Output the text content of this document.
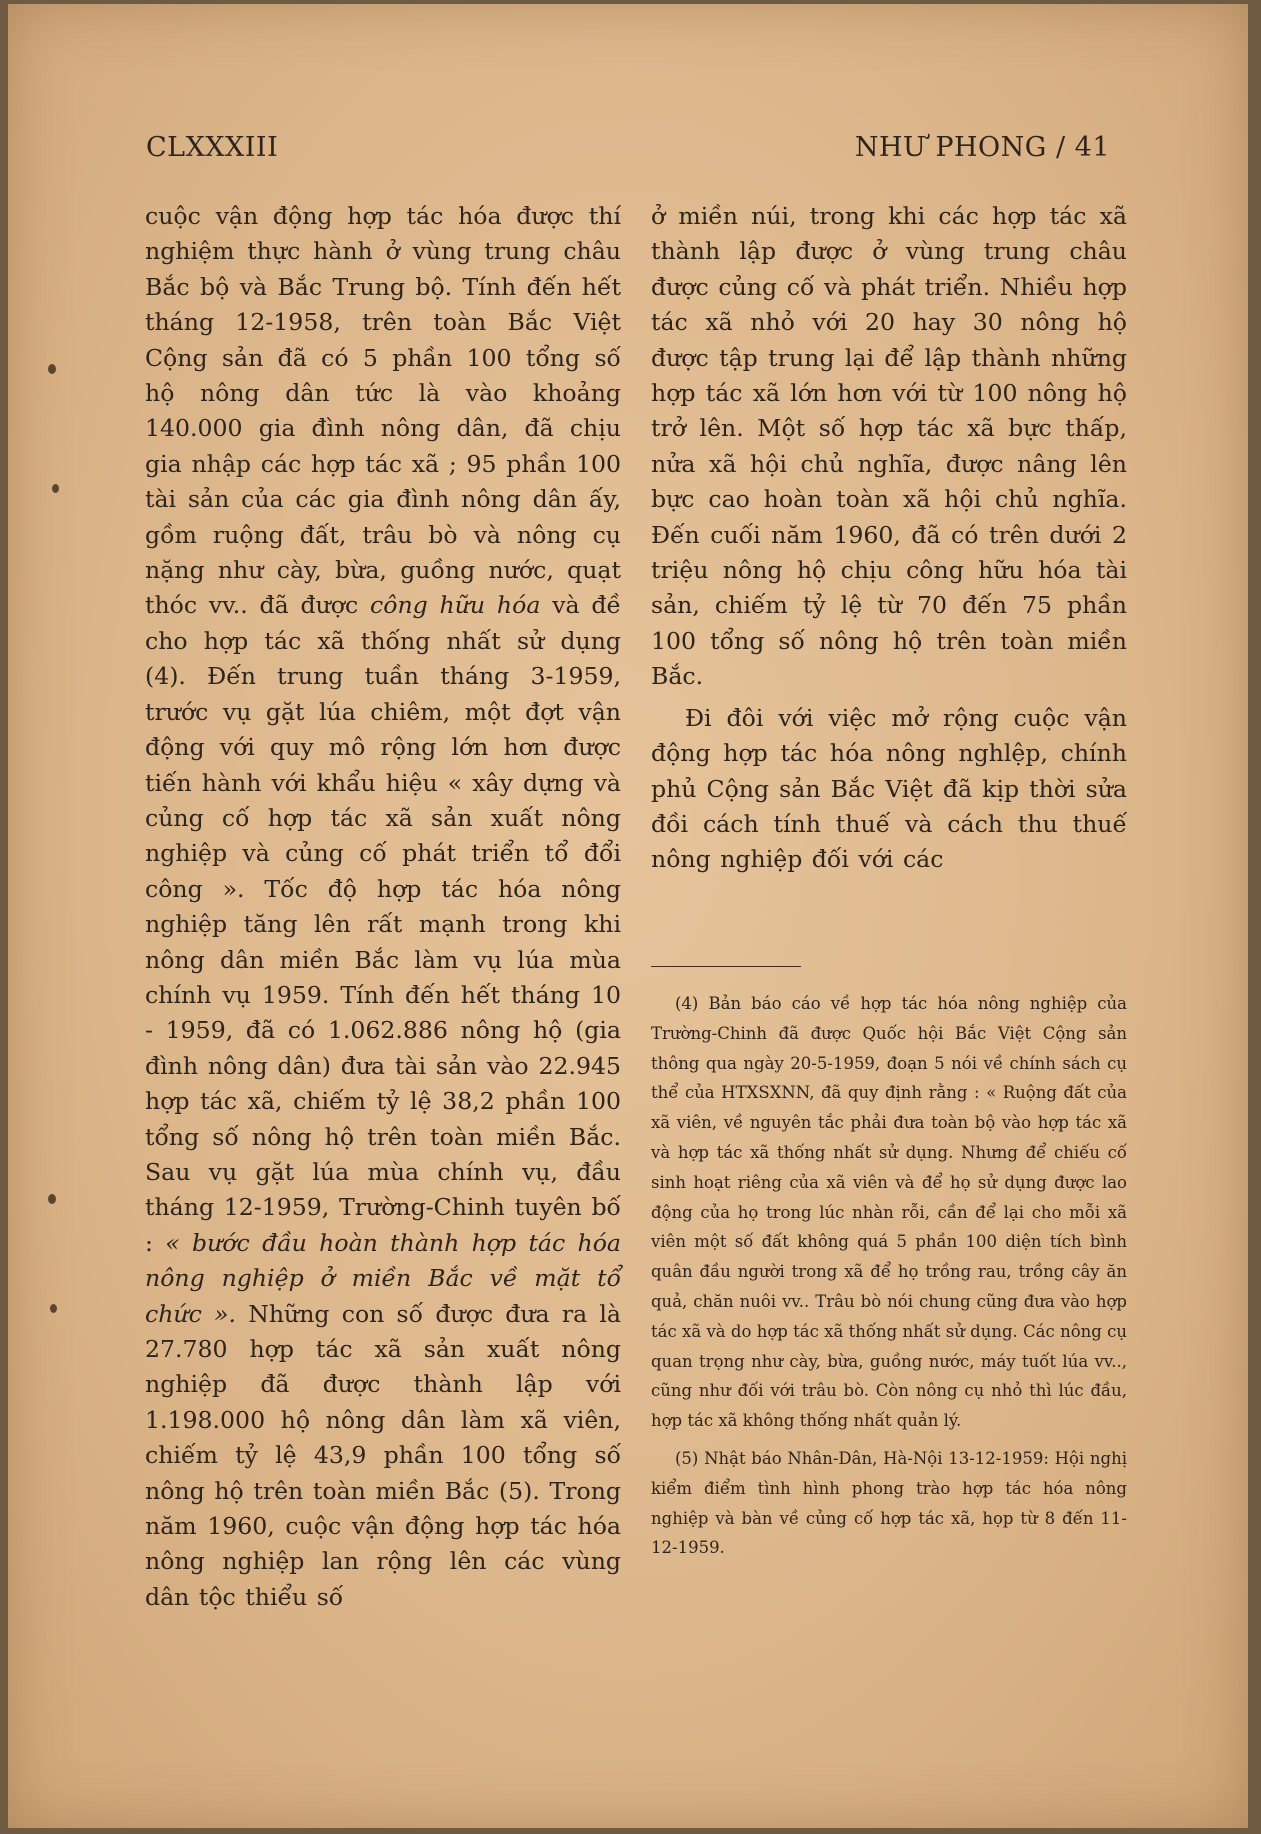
CLXXXIII	NHƯ PHONG / 41

cuộc vận động hợp tác hóa được thí nghiệm thực hành ở vùng trung châu Bắc bộ và Bắc Trung bộ. Tính đến hết tháng 12-1958, trên toàn Bắc Việt Cộng sản đã có 5 phần 100 tổng số hộ nông dân tức là vào khoảng 140.000 gia đình nông dân, đã chịu gia nhập các hợp tác xã ; 95 phần 100 tài sản của các gia đình nông dân ấy, gồm ruộng đất, trâu bò và nông cụ nặng như cày, bừa, guồng nước, quạt thóc vv.. đã được công hữu hóa và đề cho hợp tác xã thống nhất sử dụng (4). Đến trung tuần tháng 3-1959, trước vụ gặt lúa chiêm, một đợt vận động với quy mô rộng lớn hơn được tiến hành với khẩu hiệu « xây dựng và củng cố hợp tác xã sản xuất nông nghiệp và củng cố phát triển tổ đổi công ». Tốc độ hợp tác hóa nông nghiệp tăng lên rất mạnh trong khi nông dân miền Bắc làm vụ lúa mùa chính vụ 1959. Tính đến hết tháng 10 - 1959, đã có 1.062.886 nông hộ (gia đình nông dân) đưa tài sản vào 22.945 hợp tác xã, chiếm tỷ lệ 38,2 phần 100 tổng số nông hộ trên toàn miền Bắc. Sau vụ gặt lúa mùa chính vụ, đầu tháng 12-1959, Trường-Chinh tuyên bố : « bước đầu hoàn thành hợp tác hóa nông nghiệp ở miền Bắc về mặt tổ chức ». Những con số được đưa ra là 27.780 hợp tác xã sản xuất nông nghiệp đã được thành lập với 1.198.000 hộ nông dân làm xã viên, chiếm tỷ lệ 43,9 phần 100 tổng số nông hộ trên toàn miền Bắc (5). Trong năm 1960, cuộc vận động hợp tác hóa nông nghiệp lan rộng lên các vùng dân tộc thiểu số

ở miền núi, trong khi các hợp tác xã thành lập được ở vùng trung châu được củng cố và phát triển. Nhiều hợp tác xã nhỏ với 20 hay 30 nông hộ được tập trung lại để lập thành những hợp tác xã lớn hơn với từ 100 nông hộ trở lên. Một số hợp tác xã bực thấp, nửa xã hội chủ nghĩa, được nâng lên bực cao hoàn toàn xã hội chủ nghĩa. Đến cuối năm 1960, đã có trên dưới 2 triệu nông hộ chịu công hữu hóa tài sản, chiếm tỷ lệ từ 70 đến 75 phần 100 tổng số nông hộ trên toàn miền Bắc.

Đi đôi với việc mở rộng cuộc vận động hợp tác hóa nông nghlệp, chính phủ Cộng sản Bắc Việt đã kịp thời sửa đồi cách tính thuế và cách thu thuế nông nghiệp đối với các

(4) Bản báo cáo về hợp tác hóa nông nghiệp của Trường-Chinh đã được Quốc hội Bắc Việt Cộng sản thông qua ngày 20-5-1959, đoạn 5 nói về chính sách cụ thể của HTXSXNN, đã quy định rằng : « Ruộng đất của xã viên, về nguyên tắc phải đưa toàn bộ vào hợp tác xã và hợp tác xã thống nhất sử dụng. Nhưng để chiếu cố sinh hoạt riêng của xã viên và để họ sử dụng được lao động của họ trong lúc nhàn rỗi, cần để lại cho mỗi xã viên một số đất không quá 5 phần 100 diện tích bình quân đầu người trong xã để họ trồng rau, trồng cây ăn quả, chăn nuôi vv.. Trâu bò nói chung cũng đưa vào hợp tác xã và do hợp tác xã thống nhất sử dụng. Các nông cụ quan trọng như cày, bừa, guồng nước, máy tuốt lúa vv.., cũng như đối với trâu bò. Còn nông cụ nhỏ thì lúc đầu, hợp tác xã không thống nhất quản lý.

(5) Nhật báo Nhân-Dân, Hà-Nội 13-12-1959: Hội nghị kiểm điểm tình hình phong trào hợp tác hóa nông nghiệp và bàn về củng cố hợp tác xã, họp từ 8 đến 11-12-1959.
